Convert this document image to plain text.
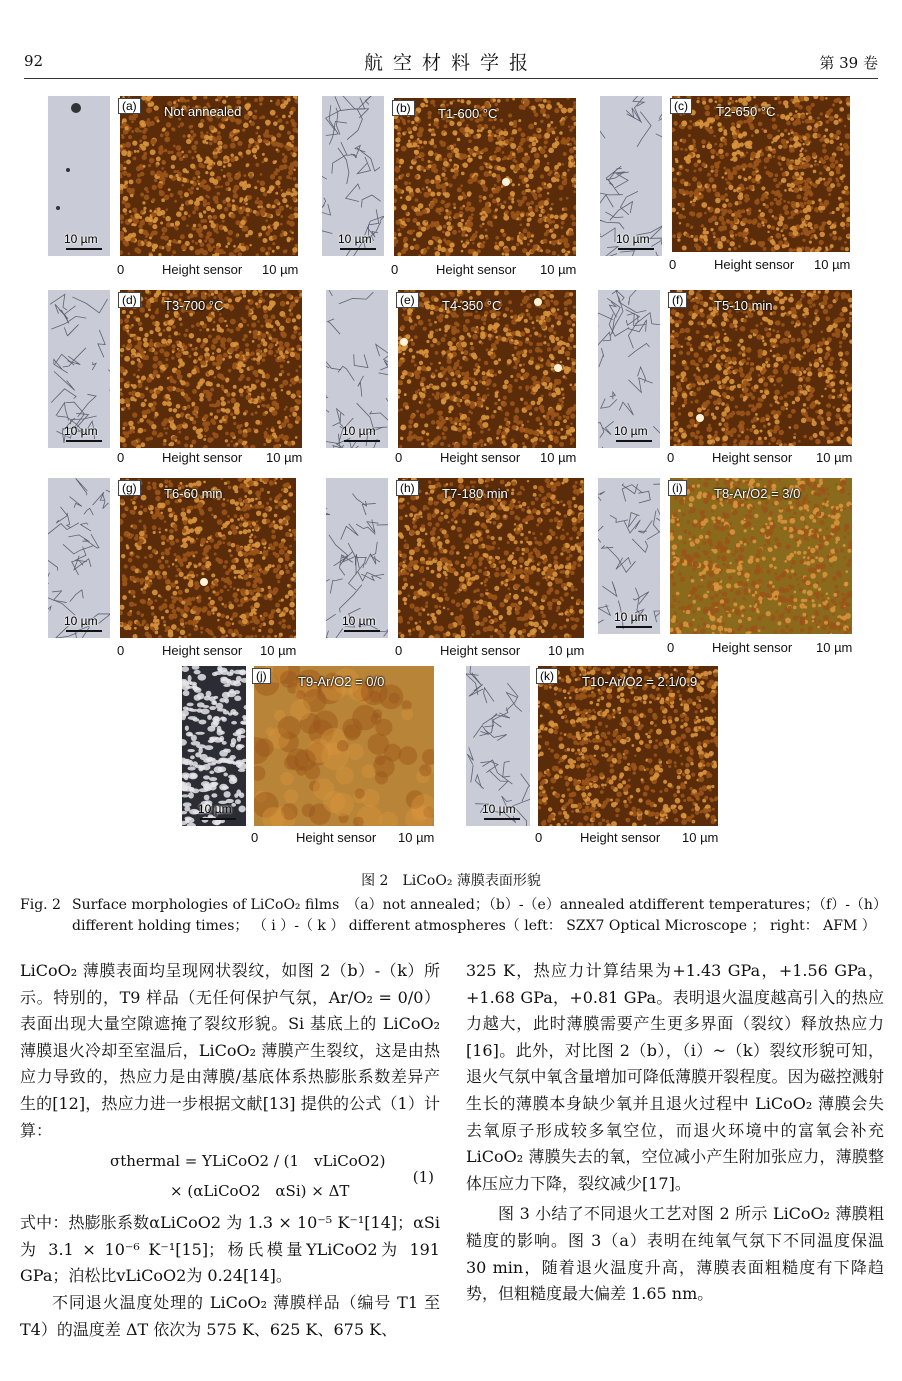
92	航空材料学报	第 39 卷
10 µm
(a)	Not annealed
0	Height sensor 10 µm
10 µm
(b)	T1-600 °C
0	Height sensor 10 µm
10 µm
(c)	T2-650 °C
0	Height sensor 10 µm
10 µm
(d)	T3-700 °C
0	Height sensor 10 µm
10 µm
(e)	T4-350 °C
0	Height sensor 10 µm
10 µm
(f)	T5-10 min
0	Height sensor 10 µm
10 µm
(g)	T6-60 min
0	Height sensor 10 µm
10 µm
(h)	T7-180 min
0	Height sensor 10 µm
10 µm
(i)	T8-Ar/O2 = 3/0
0	Height sensor 10 µm
10 µm
(j)	T9-Ar/O2 = 0/0
0	Height sensor 10 µm
10 µm
(k)	T10-Ar/O2 = 2.1/0.9
0	Height sensor 10 µm
图 2　LiCoO₂ 薄膜表面形貌
Fig. 2 Surface morphologies of LiCoO₂ films　（a）not annealed；（b）-（e）annealed atdifferent temperatures；（f）-（h）
different holding times； （ i ）-（ k ） different atmospheres（ left： SZX7 Optical Microscope ； right： AFM ）

LiCoO₂ 薄膜表面均呈现网状裂纹，如图 2（b）-（k）所示。特别的，T9 样品（无任何保护气氛，Ar/O₂ = 0/0）表面出现大量空隙遮掩了裂纹形貌。Si 基底上的 LiCoO₂ 薄膜退火冷却至室温后，LiCoO₂ 薄膜产生裂纹，这是由热应力导致的，热应力是由薄膜/基底体系热膨胀系数差异产生的[12]，热应力进一步根据文献[13] 提供的公式（1）计算：

σthermal = YLiCoO2 / (1　vLiCoO2)
× (αLiCoO2　αSi) × ΔT
(1)

式中：热膨胀系数αLiCoO2 为 1.3 × 10⁻⁵ K⁻¹[14]；αSi 为 3.1 × 10⁻⁶ K⁻¹[15]；杨氏模量YLiCoO2为 191 GPa；泊松比vLiCoO2为 0.24[14]。

不同退火温度处理的 LiCoO₂ 薄膜样品（编号 T1 至 T4）的温度差 ΔT 依次为 575 K、625 K、675 K、

325 K，热应力计算结果为+1.43 GPa，+1.56 GPa，+1.68 GPa，+0.81 GPa。表明退火温度越高引入的热应力越大，此时薄膜需要产生更多界面（裂纹）释放热应力[16]。此外，对比图 2（b），（i）~（k）裂纹形貌可知，退火气氛中氧含量增加可降低薄膜开裂程度。因为磁控溅射生长的薄膜本身缺少氧并且退火过程中 LiCoO₂ 薄膜会失去氧原子形成较多氧空位，而退火环境中的富氧会补充 LiCoO₂ 薄膜失去的氧，空位减小产生附加张应力，薄膜整体压应力下降，裂纹减少[17]。

图 3 小结了不同退火工艺对图 2 所示 LiCoO₂ 薄膜粗糙度的影响。图 3（a）表明在纯氧气氛下不同温度保温 30 min，随着退火温度升高，薄膜表面粗糙度有下降趋势，但粗糙度最大偏差 1.65 nm。
